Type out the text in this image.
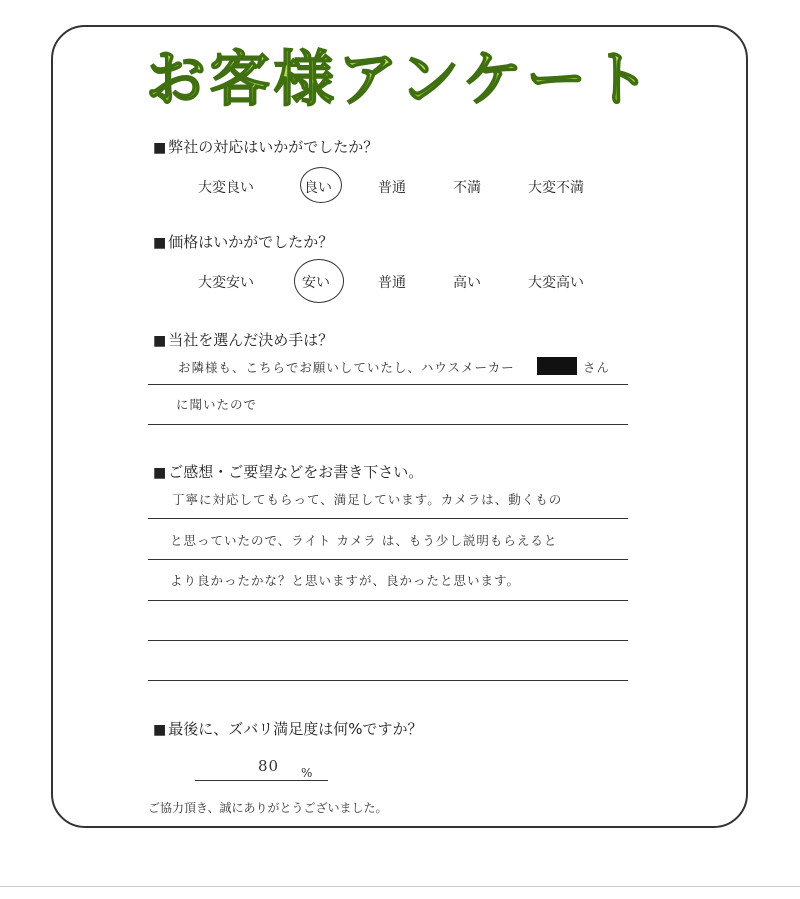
お客様アンケート
■ 弊社の対応はいかがでしたか？
大変良い	良い	普通	不満	大変不満
■ 価格はいかがでしたか？
大変安い	安い	普通	高い	大変高い
■ 当社を選んだ決め手は？
お隣様も、こちらでお願いしていたし、ハウスメーカー	さん
に聞いたので
■ ご感想・ご要望などをお書き下さい。
丁寧に対応してもらって、満足しています。カメラは、動くもの
と思っていたので、ライト カメラ は、もう少し説明もらえると
より良かったかな？と思いますが、良かったと思います。
■ 最後に、ズバリ満足度は何%ですか？
80 %
ご協力頂き、誠にありがとうございました。
